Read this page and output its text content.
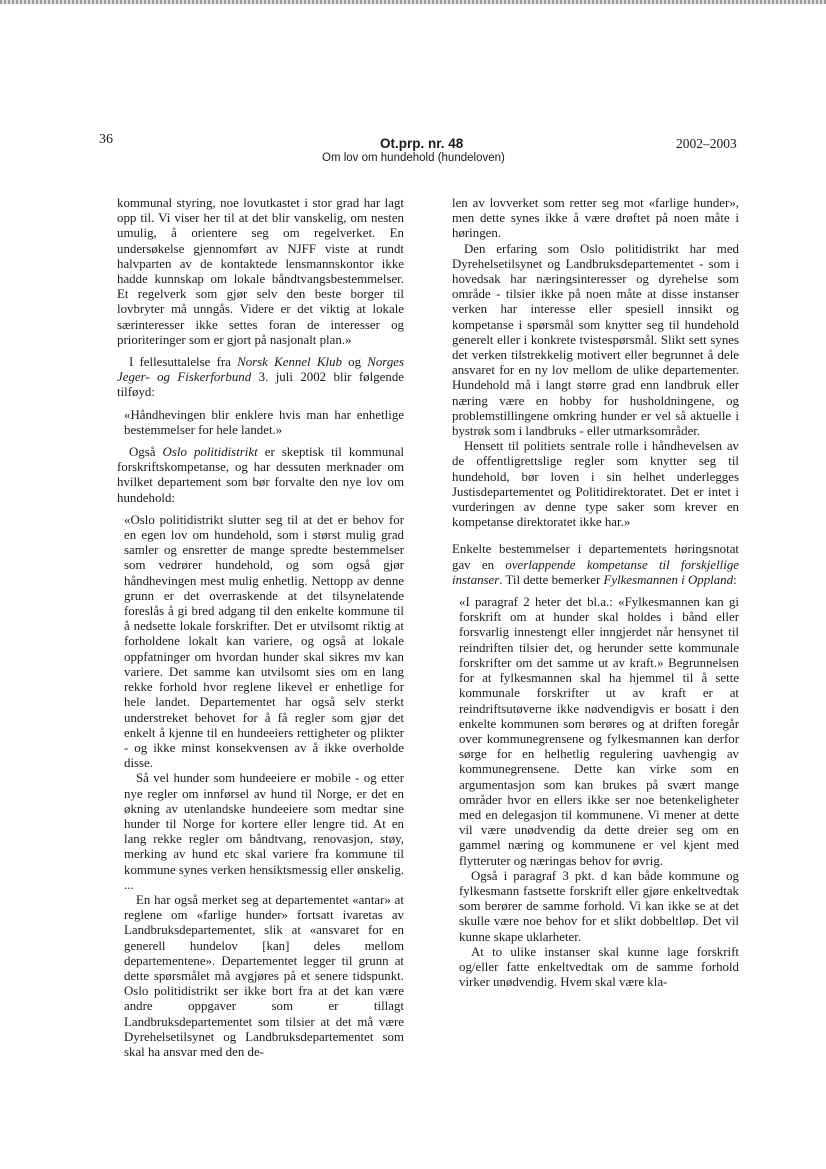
36	Ot.prp. nr. 48	2002–2003
Om lov om hundehold (hundeloven)

kommunal styring, noe lovutkastet i stor grad har lagt opp til. Vi viser her til at det blir vanskelig, om nesten umulig, å orientere seg om regelverket. En undersøkelse gjennomført av NJFF viste at rundt halvparten av de kontaktede lensmannskontor ikke hadde kunnskap om lokale båndtvangsbestemmelser. Et regelverk som gjør selv den beste borger til lovbryter må unngås. Videre er det viktig at lokale særinteresser ikke settes foran de interesser og prioriteringer som er gjort på nasjonalt plan.»

I fellesuttalelse fra Norsk Kennel Klub og Norges Jeger- og Fiskerforbund 3. juli 2002 blir følgende tilføyd:

«Håndhevingen blir enklere hvis man har enhetlige bestemmelser for hele landet.»

Også Oslo politidistrikt er skeptisk til kommunal forskriftskompetanse, og har dessuten merknader om hvilket departement som bør forvalte den nye lov om hundehold:

«Oslo politidistrikt slutter seg til at det er behov for en egen lov om hundehold, som i størst mulig grad samler og ensretter de mange spredte bestemmelser som vedrører hundehold, og som også gjør håndhevingen mest mulig enhetlig. Nettopp av denne grunn er det overraskende at det tilsynelatende foreslås å gi bred adgang til den enkelte kommune til å nedsette lokale forskrifter. Det er utvilsomt riktig at forholdene lokalt kan variere, og også at lokale oppfatninger om hvordan hunder skal sikres mv kan variere. Det samme kan utvilsomt sies om en lang rekke forhold hvor reglene likevel er enhetlige for hele landet. Departementet har også selv sterkt understreket behovet for å få regler som gjør det enkelt å kjenne til en hundeeiers rettigheter og plikter - og ikke minst konsekvensen av å ikke overholde disse.

Så vel hunder som hundeeiere er mobile - og etter nye regler om innførsel av hund til Norge, er det en økning av utenlandske hundeeiere som medtar sine hunder til Norge for kortere eller lengre tid. At en lang rekke regler om båndtvang, renovasjon, støy, merking av hund etc skal variere fra kommune til kommune synes verken hensiktsmessig eller ønskelig. ...

En har også merket seg at departementet «antar» at reglene om «farlige hunder» fortsatt ivaretas av Landbruksdepartementet, slik at «ansvaret for en generell hundelov [kan] deles mellom departementene». Departementet legger til grunn at dette spørsmålet må avgjøres på et senere tidspunkt. Oslo politidistrikt ser ikke bort fra at det kan være andre oppgaver som er tillagt Landbruksdepartementet som tilsier at det må være Dyrehelsetilsynet og Landbruksdepartementet som skal ha ansvar med den de-

len av lovverket som retter seg mot «farlige hunder», men dette synes ikke å være drøftet på noen måte i høringen.

Den erfaring som Oslo politidistrikt har med Dyrehelsetilsynet og Landbruksdepartementet - som i hovedsak har næringsinteresser og dyrehelse som område - tilsier ikke på noen måte at disse instanser verken har interesse eller spesiell innsikt og kompetanse i spørsmål som knytter seg til hundehold generelt eller i konkrete tvistespørsmål. Slikt sett synes det verken tilstrekkelig motivert eller begrunnet å dele ansvaret for en ny lov mellom de ulike departementer. Hundehold må i langt større grad enn landbruk eller næring være en hobby for husholdningene, og problemstillingene omkring hunder er vel så aktuelle i bystrøk som i landbruks - eller utmarksområder.

Hensett til politiets sentrale rolle i håndhevelsen av de offentligrettslige regler som knytter seg til hundehold, bør loven i sin helhet underlegges Justisdepartementet og Politidirektoratet. Det er intet i vurderingen av denne type saker som krever en kompetanse direktoratet ikke har.»

Enkelte bestemmelser i departementets høringsnotat gav en overlappende kompetanse til forskjellige instanser. Til dette bemerker Fylkesmannen i Oppland:

«I paragraf 2 heter det bl.a.: «Fylkesmannen kan gi forskrift om at hunder skal holdes i bånd eller forsvarlig innestengt eller inngjerdet når hensynet til reindriften tilsier det, og herunder sette kommunale forskrifter om det samme ut av kraft.» Begrunnelsen for at fylkesmannen skal ha hjemmel til å sette kommunale forskrifter ut av kraft er at reindriftsutøverne ikke nødvendigvis er bosatt i den enkelte kommunen som berøres og at driften foregår over kommunegrensene og fylkesmannen kan derfor sørge for en helhetlig regulering uavhengig av kommunegrensene. Dette kan virke som en argumentasjon som kan brukes på svært mange områder hvor en ellers ikke ser noe betenkeligheter med en delegasjon til kommunene. Vi mener at dette vil være unødvendig da dette dreier seg om en gammel næring og kommunene er vel kjent med flytteruter og næringas behov for øvrig.

Også i paragraf 3 pkt. d kan både kommune og fylkesmann fastsette forskrift eller gjøre enkeltvedtak som berører de samme forhold. Vi kan ikke se at det skulle være noe behov for et slikt dobbeltløp. Det vil kunne skape uklarheter.

At to ulike instanser skal kunne lage forskrift og/eller fatte enkeltvedtak om de samme forhold virker unødvendig. Hvem skal være kla-
